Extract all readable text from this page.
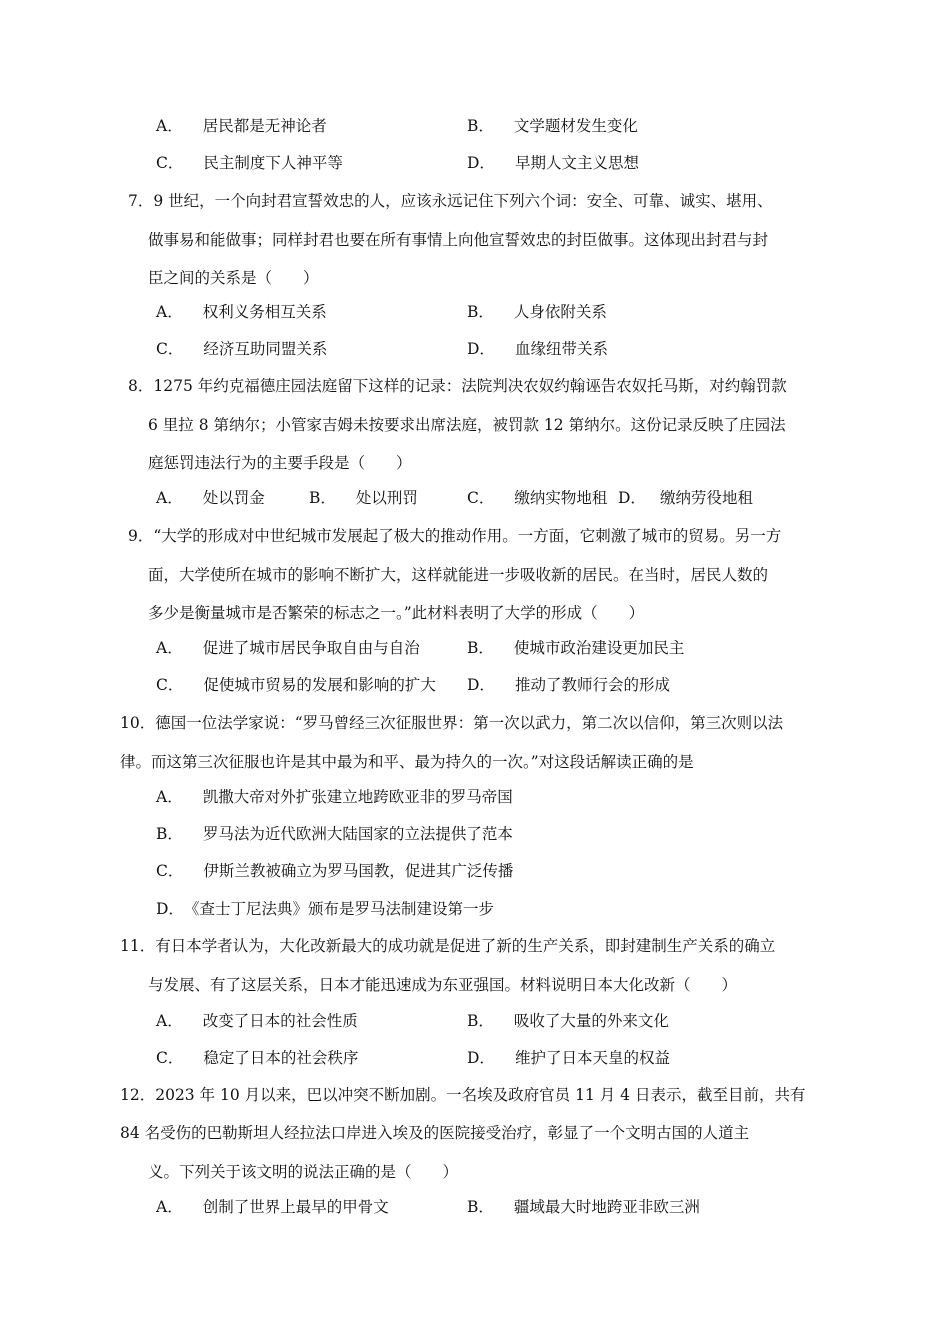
A． 居民都是无神论者	B． 文学题材发生变化
C． 民主制度下人神平等	D． 早期人文主义思想
7．9 世纪，一个向封君宣誓效忠的人，应该永远记住下列六个词：安全、可靠、诚实、堪用、
做事易和能做事；同样封君也要在所有事情上向他宣誓效忠的封臣做事。这体现出封君与封
臣之间的关系是（　　）
A． 权利义务相互关系	B． 人身依附关系
C． 经济互助同盟关系	D． 血缘纽带关系
8．1275 年约克福德庄园法庭留下这样的记录：法院判决农奴约翰诬告农奴托马斯，对约翰罚款
6 里拉 8 第纳尔；小管家吉姆未按要求出席法庭，被罚款 12 第纳尔。这份记录反映了庄园法
庭惩罚违法行为的主要手段是（　　）
A． 处以罚金	B． 处以刑罚	C． 缴纳实物地租 D． 缴纳劳役地租
9．“大学的形成对中世纪城市发展起了极大的推动作用。一方面，它刺激了城市的贸易。另一方
面，大学使所在城市的影响不断扩大，这样就能进一步吸收新的居民。在当时，居民人数的
多少是衡量城市是否繁荣的标志之一。”此材料表明了大学的形成（　　）
A． 促进了城市居民争取自由与自治	B． 使城市政治建设更加民主
C． 促使城市贸易的发展和影响的扩大 D． 推动了教师行会的形成
10．德国一位法学家说：“罗马曾经三次征服世界：第一次以武力，第二次以信仰，第三次则以法
律。而这第三次征服也许是其中最为和平、最为持久的一次。”对这段话解读正确的是
A． 凯撒大帝对外扩张建立地跨欧亚非的罗马帝国
B． 罗马法为近代欧洲大陆国家的立法提供了范本
C． 伊斯兰教被确立为罗马国教，促进其广泛传播
D．《查士丁尼法典》颁布是罗马法制建设第一步
11．有日本学者认为，大化改新最大的成功就是促进了新的生产关系，即封建制生产关系的确立
与发展、有了这层关系，日本才能迅速成为东亚强国。材料说明日本大化改新（　　）
A． 改变了日本的社会性质	B． 吸收了大量的外来文化
C． 稳定了日本的社会秩序	D． 维护了日本天皇的权益
12．2023 年 10 月以来，巴以冲突不断加剧。一名埃及政府官员 11 月 4 日表示，截至目前，共有
84 名受伤的巴勒斯坦人经拉法口岸进入埃及的医院接受治疗，彰显了一个文明古国的人道主
义。下列关于该文明的说法正确的是（　　）
A． 创制了世界上最早的甲骨文	B． 疆域最大时地跨亚非欧三洲
